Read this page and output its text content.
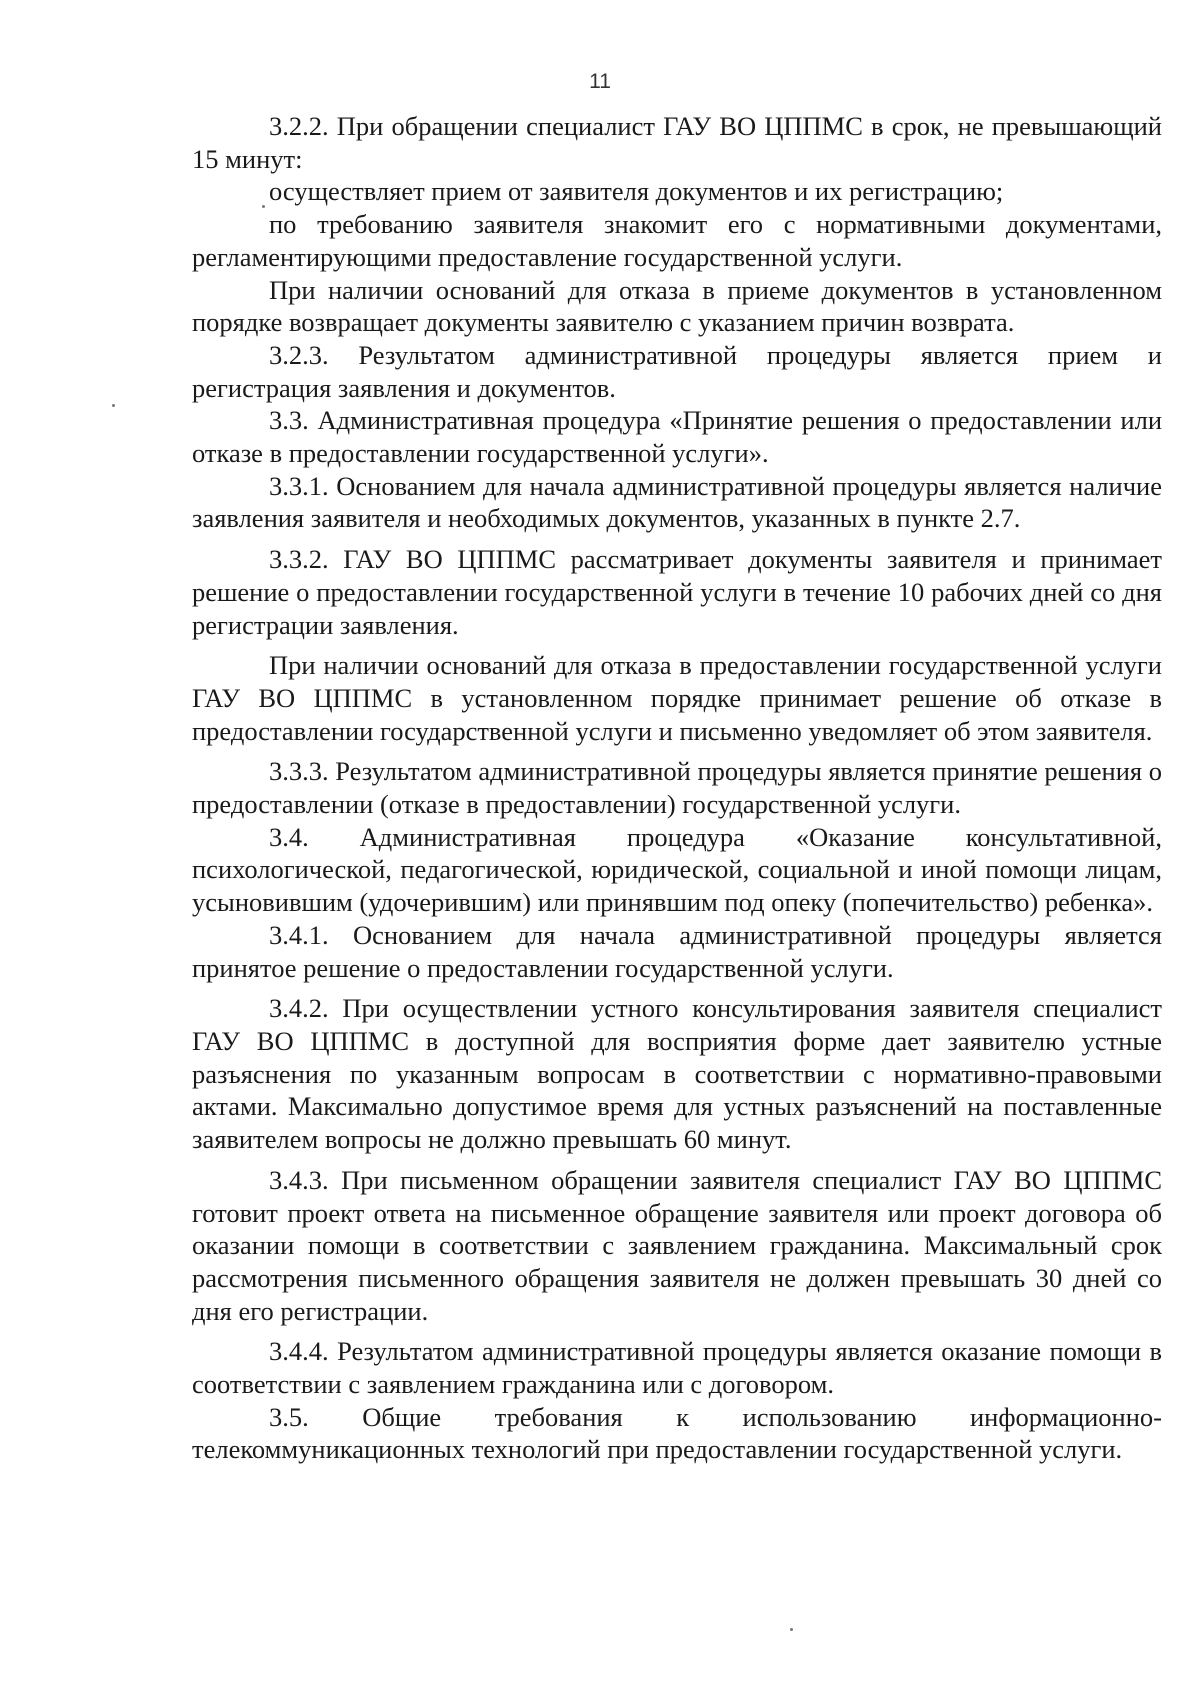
11

3.2.2. При обращении специалист ГАУ ВО ЦППМС в срок, не превышающий 15 минут:

осуществляет прием от заявителя документов и их регистрацию;

по требованию заявителя знакомит его с нормативными документами, регламентирующими предоставление государственной услуги.

При наличии оснований для отказа в приеме документов в установленном порядке возвращает документы заявителю с указанием причин возврата.

3.2.3. Результатом административной процедуры является прием и регистрация заявления и документов.

3.3. Административная процедура «Принятие решения о предоставлении или отказе в предоставлении государственной услуги».

3.3.1. Основанием для начала административной процедуры является наличие заявления заявителя и необходимых документов, указанных в пункте 2.7.

3.3.2. ГАУ ВО ЦППМС рассматривает документы заявителя и принимает решение о предоставлении государственной услуги в течение 10 рабочих дней со дня регистрации заявления.

При наличии оснований для отказа в предоставлении государственной услуги ГАУ ВО ЦППМС в установленном порядке принимает решение об отказе в предоставлении государственной услуги и письменно уведомляет об этом заявителя.

3.3.3. Результатом административной процедуры является принятие решения о предоставлении (отказе в предоставлении) государственной услуги.

3.4. Административная процедура «Оказание консультативной, психологической, педагогической, юридической, социальной и иной помощи лицам, усыновившим (удочерившим) или принявшим под опеку (попечительство) ребенка».

3.4.1. Основанием для начала административной процедуры является принятое решение о предоставлении государственной услуги.

3.4.2. При осуществлении устного консультирования заявителя специалист ГАУ ВО ЦППМС в доступной для восприятия форме дает заявителю устные разъяснения по указанным вопросам в соответствии с нормативно-правовыми актами. Максимально допустимое время для устных разъяснений на поставленные заявителем вопросы не должно превышать 60 минут.

3.4.3. При письменном обращении заявителя специалист ГАУ ВО ЦППМС готовит проект ответа на письменное обращение заявителя или проект договора об оказании помощи в соответствии с заявлением гражданина. Максимальный срок рассмотрения письменного обращения заявителя не должен превышать 30 дней со дня его регистрации.

3.4.4. Результатом административной процедуры является оказание помощи в соответствии с заявлением гражданина или с договором.

3.5. Общие требования к использованию информационно-телекоммуникационных технологий при предоставлении государственной услуги.
